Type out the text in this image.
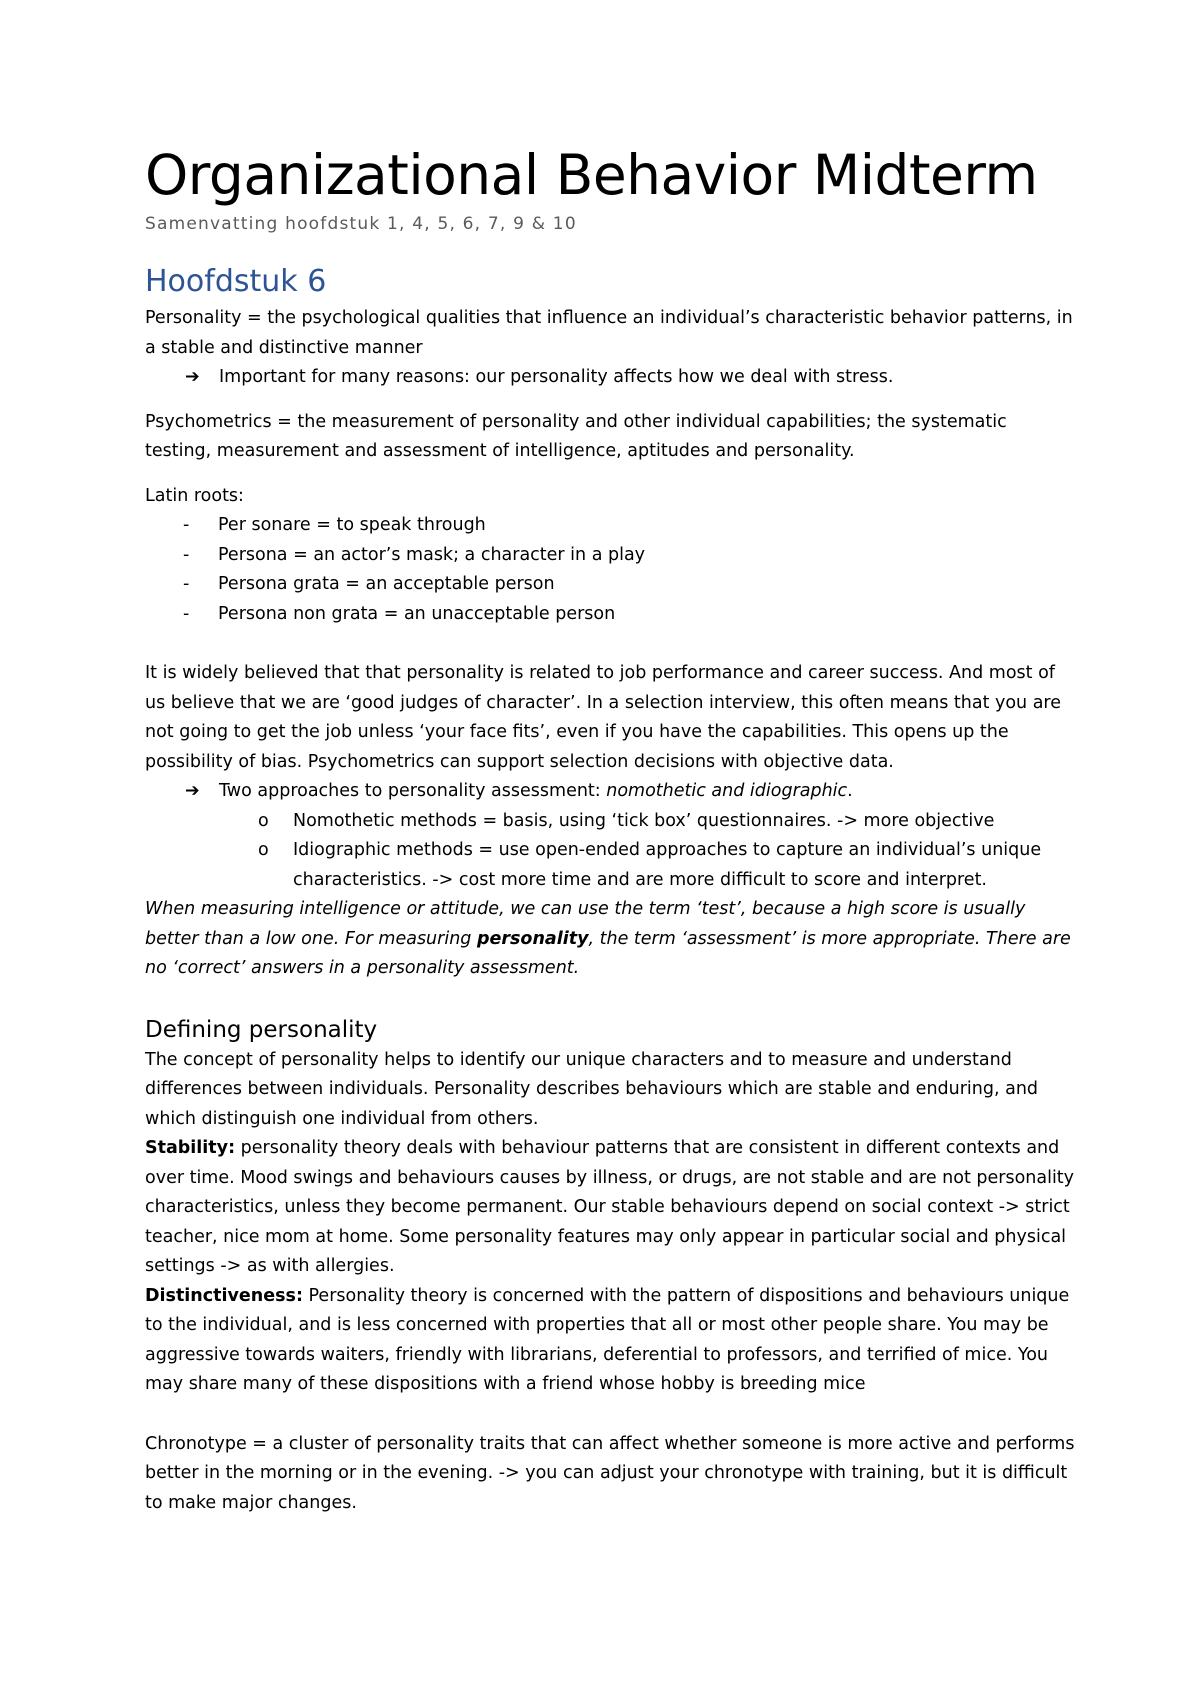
Organizational Behavior Midterm
Samenvatting hoofdstuk 1, 4, 5, 6, 7, 9 & 10
Hoofdstuk 6

Personality = the psychological qualities that influence an individual’s characteristic behavior patterns, in a stable and distinctive manner

➔	Important for many reasons: our personality affects how we deal with stress.

Psychometrics = the measurement of personality and other individual capabilities; the systematic testing, measurement and assessment of intelligence, aptitudes and personality.

Latin roots:

-	Per sonare = to speak through
-	Persona = an actor’s mask; a character in a play
-	Persona grata = an acceptable person
-	Persona non grata = an unacceptable person

It is widely believed that that personality is related to job performance and career success. And most of us believe that we are ‘good judges of character’. In a selection interview, this often means that you are not going to get the job unless ‘your face fits’, even if you have the capabilities. This opens up the possibility of bias. Psychometrics can support selection decisions with objective data.

➔	Two approaches to personality assessment: nomothetic and idiographic.
o	Nomothetic methods = basis, using ‘tick box’ questionnaires. -> more objective
o	Idiographic methods = use open-ended approaches to capture an individual’s unique characteristics. -> cost more time and are more difficult to score and interpret.

When measuring intelligence or attitude, we can use the term ‘test’, because a high score is usually better than a low one. For measuring personality, the term ‘assessment’ is more appropriate. There are no ‘correct’ answers in a personality assessment.

Defining personality

The concept of personality helps to identify our unique characters and to measure and understand differences between individuals. Personality describes behaviours which are stable and enduring, and which distinguish one individual from others.

Stability: personality theory deals with behaviour patterns that are consistent in different contexts and over time. Mood swings and behaviours causes by illness, or drugs, are not stable and are not personality characteristics, unless they become permanent. Our stable behaviours depend on social context -> strict teacher, nice mom at home. Some personality features may only appear in particular social and physical settings -> as with allergies.

Distinctiveness: Personality theory is concerned with the pattern of dispositions and behaviours unique to the individual, and is less concerned with properties that all or most other people share. You may be aggressive towards waiters, friendly with librarians, deferential to professors, and terrified of mice. You may share many of these dispositions with a friend whose hobby is breeding mice

Chronotype = a cluster of personality traits that can affect whether someone is more active and performs better in the morning or in the evening. -> you can adjust your chronotype with training, but it is difficult to make major changes.
